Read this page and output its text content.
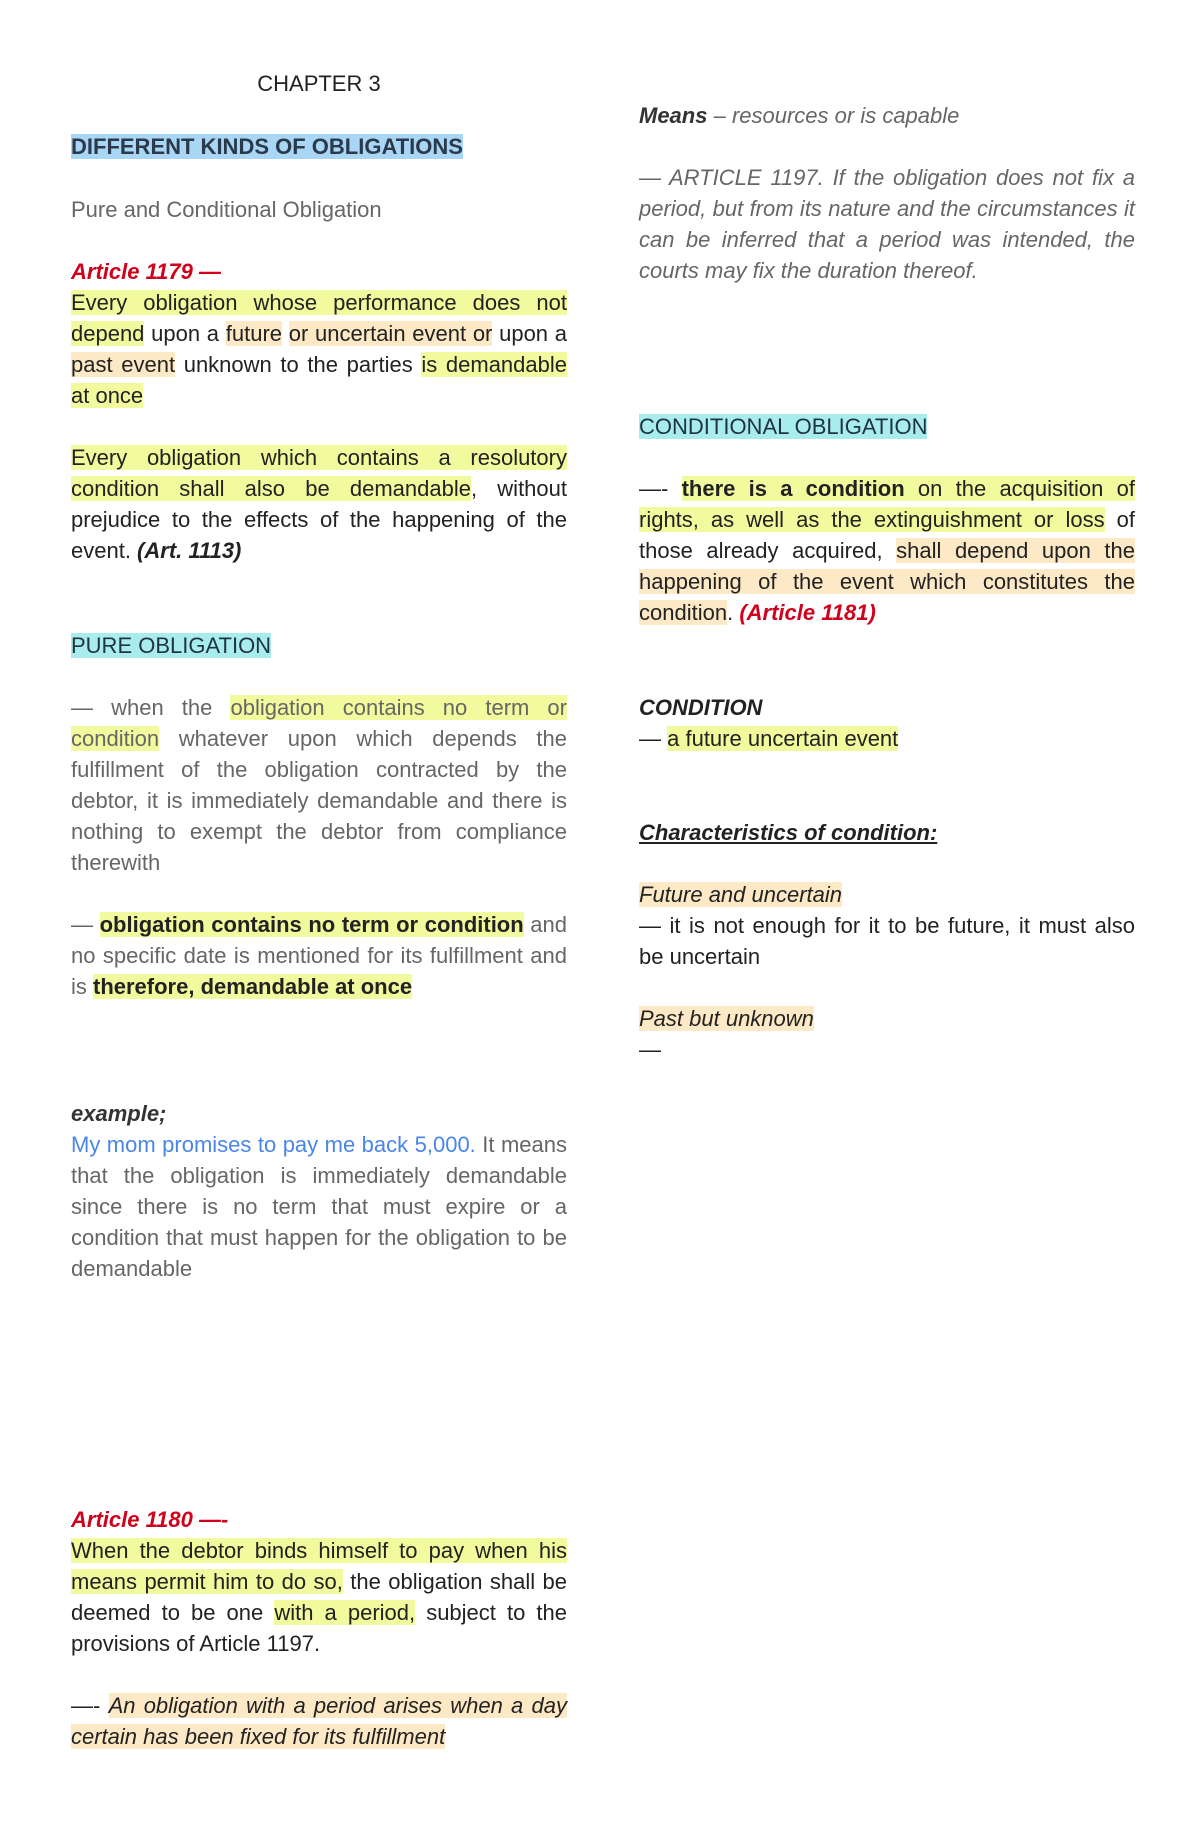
CHAPTER 3

DIFFERENT KINDS OF OBLIGATIONS

Pure and Conditional Obligation

Article 1179 —

Every obligation whose performance does not depend upon a future or uncertain event or upon a past event unknown to the parties is demandable at once

Every obligation which contains a resolutory condition shall also be demandable, without prejudice to the effects of the happening of the event. (Art. 1113)

PURE OBLIGATION

— when the obligation contains no term or condition whatever upon which depends the fulfillment of the obligation contracted by the debtor, it is immediately demandable and there is nothing to exempt the debtor from compliance therewith

— obligation contains no term or condition and no specific date is mentioned for its fulfillment and is therefore, demandable at once

example;

My mom promises to pay me back 5,000. It means that the obligation is immediately demandable since there is no term that must expire or a condition that must happen for the obligation to be demandable

Article 1180 —-

When the debtor binds himself to pay when his means permit him to do so, the obligation shall be deemed to be one with a period, subject to the provisions of Article 1197.

—- An obligation with a period arises when a day certain has been fixed for its fulfillment

Means – resources or is capable

— ARTICLE 1197. If the obligation does not fix a period, but from its nature and the circumstances it can be inferred that a period was intended, the courts may fix the duration thereof.

CONDITIONAL OBLIGATION

—- there is a condition on the acquisition of rights, as well as the extinguishment or loss of those already acquired, shall depend upon the happening of the event which constitutes the condition. (Article 1181)

CONDITION

— a future uncertain event

Characteristics of condition:

Future and uncertain

— it is not enough for it to be future, it must also be uncertain

Past but unknown

—
